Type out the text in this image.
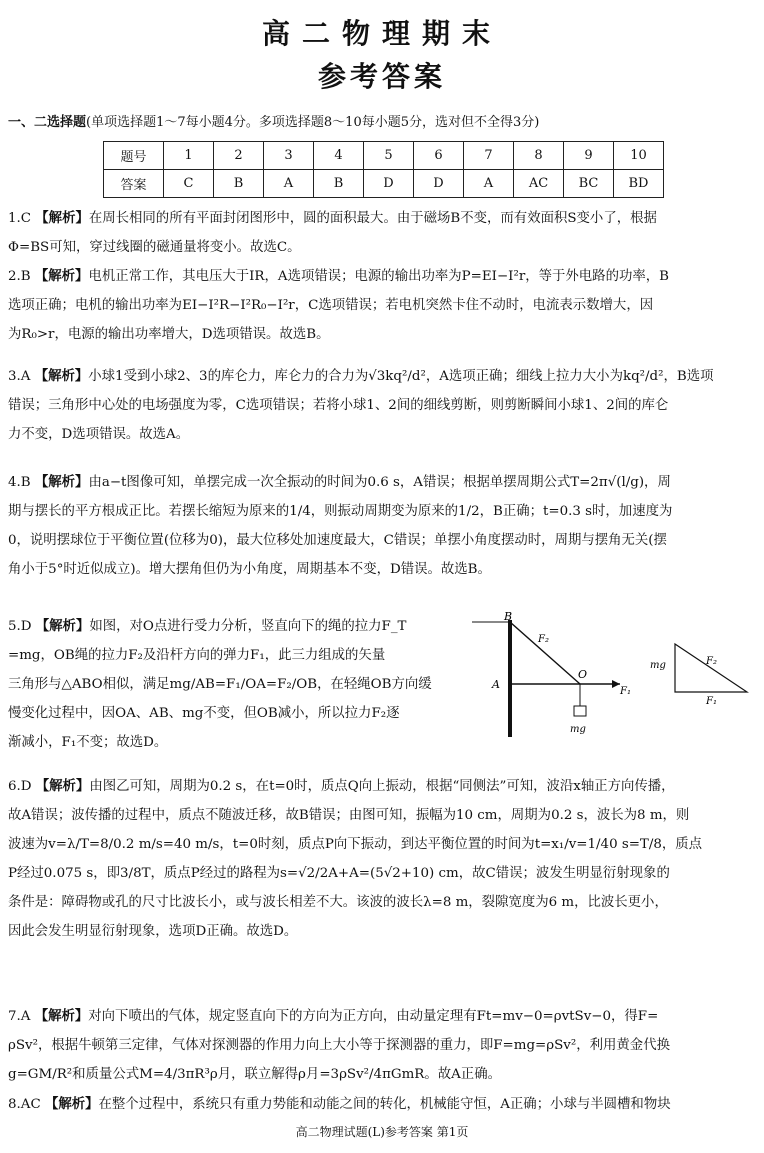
高二物理期末
参考答案
一、二选择题(单项选择题1～7每小题4分。多项选择题8～10每小题5分，选对但不全得3分)
题号	1	2	3	4	5	6	7	8	9	10
答案	C	B	A	B	D	D	A	AC	BC	BD
1.C 【解析】在周长相同的所有平面封闭图形中，圆的面积最大。由于磁场B不变，而有效面积S变小了，根据
Φ=BS可知，穿过线圈的磁通量将变小。故选C。
2.B 【解析】电机正常工作，其电压大于IR，A选项错误；电源的输出功率为P=EI−I²r，等于外电路的功率，B
选项正确；电机的输出功率为EI−I²R−I²R₀−I²r，C选项错误；若电机突然卡住不动时，电流表示数增大，因
为R₀>r，电源的输出功率增大，D选项错误。故选B。
3.A 【解析】小球1受到小球2、3的库仑力，库仑力的合力为√3kq²/d²，A选项正确；细线上拉力大小为kq²/d²，B选项
错误；三角形中心处的电场强度为零，C选项错误；若将小球1、2间的细线剪断，则剪断瞬间小球1、2间的库仑
力不变，D选项错误。故选A。
4.B 【解析】由a−t图像可知，单摆完成一次全振动的时间为0.6 s，A错误；根据单摆周期公式T=2π√(l/g)，周
期与摆长的平方根成正比。若摆长缩短为原来的1/4，则振动周期变为原来的1/2，B正确；t=0.3 s时，加速度为
0，说明摆球位于平衡位置(位移为0)，最大位移处加速度最大，C错误；单摆小角度摆动时，周期与摆角无关(摆
角小于5°时近似成立)。增大摆角但仍为小角度，周期基本不变，D错误。故选B。
5.D 【解析】如图，对O点进行受力分析，竖直向下的绳的拉力F_T
=mg，OB绳的拉力F₂及沿杆方向的弹力F₁，此三力组成的矢量
三角形与△ABO相似，满足mg/AB=F₁/OA=F₂/OB，在轻绳OB方向缓
慢变化过程中，因OA、AB、mg不变，但OB减小，所以拉力F₂逐
渐减小，F₁不变；故选D。
B
A
O
F₂
F₁
mg
mg	F₂
F₁
6.D 【解析】由图乙可知，周期为0.2 s，在t=0时，质点Q向上振动，根据“同侧法”可知，波沿x轴正方向传播，
故A错误；波传播的过程中，质点不随波迁移，故B错误；由图可知，振幅为10 cm，周期为0.2 s，波长为8 m，则
波速为v=λ/T=8/0.2 m/s=40 m/s，t=0时刻，质点P向下振动，到达平衡位置的时间为t=x₁/v=1/40 s=T/8，质点
P经过0.075 s，即3/8T，质点P经过的路程为s=√2/2A+A=(5√2+10) cm，故C错误；波发生明显衍射现象的
条件是：障碍物或孔的尺寸比波长小，或与波长相差不大。该波的波长λ=8 m，裂隙宽度为6 m，比波长更小，
因此会发生明显衍射现象，选项D正确。故选D。
7.A 【解析】对向下喷出的气体，规定竖直向下的方向为正方向，由动量定理有Ft=mv−0=ρvtSv−0，得F=
ρSv²，根据牛顿第三定律，气体对探测器的作用力向上大小等于探测器的重力，即F=mg=ρSv²，利用黄金代换
g=GM/R²和质量公式M=4/3πR³ρ月，联立解得ρ月=3ρSv²/4πGmR。故A正确。
8.AC 【解析】在整个过程中，系统只有重力势能和动能之间的转化，机械能守恒，A正确；小球与半圆槽和物块
高二物理试题(L)参考答案 第1页
